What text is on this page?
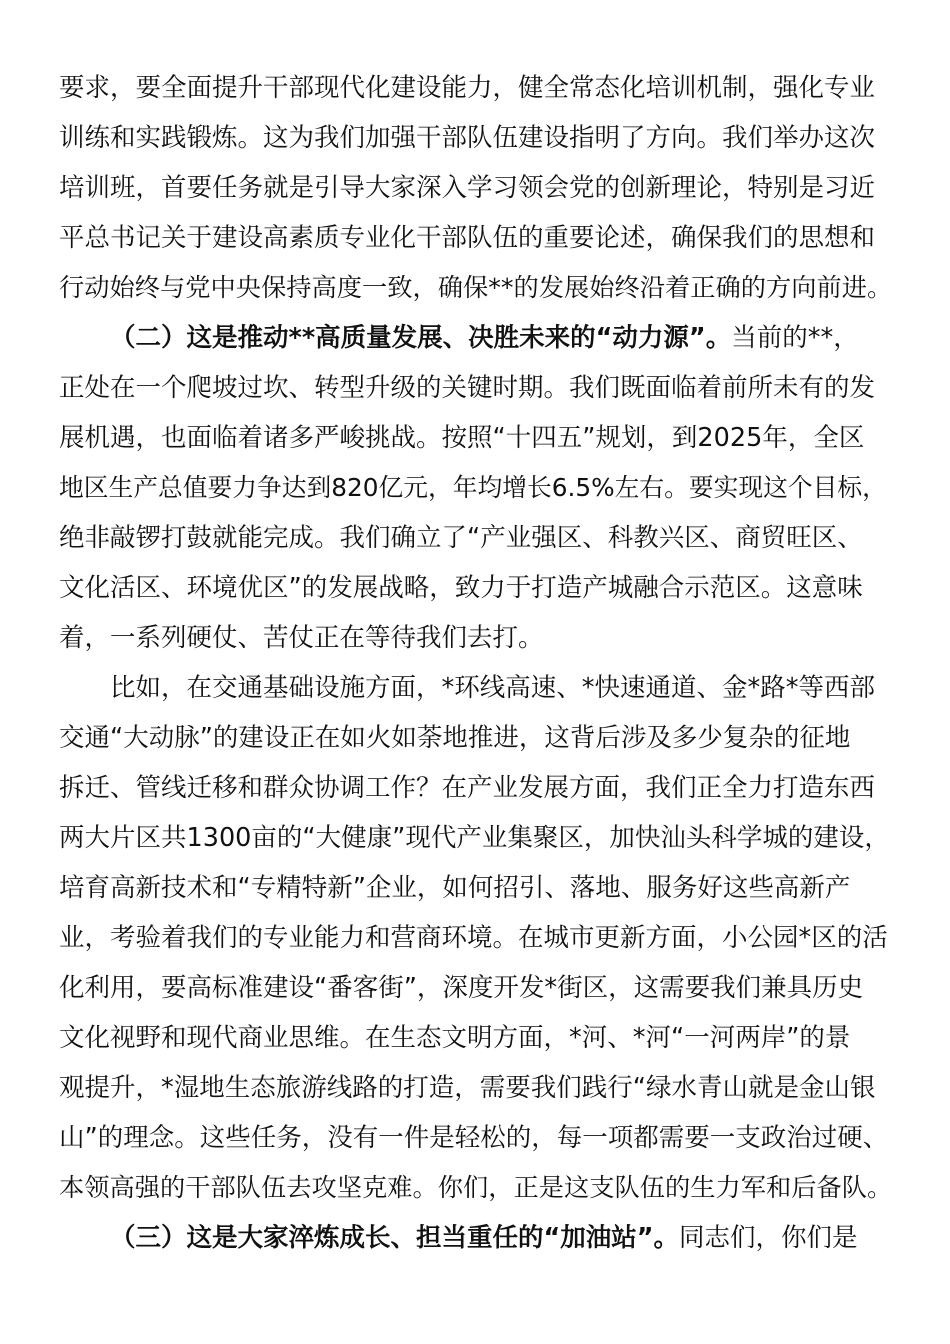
要求，要全面提升干部现代化建设能力，健全常态化培训机制，强化专业
训练和实践锻炼。这为我们加强干部队伍建设指明了方向。我们举办这次
培训班，首要任务就是引导大家深入学习领会党的创新理论，特别是习近
平总书记关于建设高素质专业化干部队伍的重要论述，确保我们的思想和
行动始终与党中央保持高度一致，确保**的发展始终沿着正确的方向前进。
（二）这是推动**高质量发展、决胜未来的“动力源”。当前的**，
正处在一个爬坡过坎、转型升级的关键时期。我们既面临着前所未有的发
展机遇，也面临着诸多严峻挑战。按照“十四五”规划，到2025年，全区
地区生产总值要力争达到820亿元，年均增长6.5%左右。要实现这个目标，
绝非敲锣打鼓就能完成。我们确立了“产业强区、科教兴区、商贸旺区、
文化活区、环境优区”的发展战略，致力于打造产城融合示范区。这意味
着，一系列硬仗、苦仗正在等待我们去打。
比如，在交通基础设施方面，*环线高速、*快速通道、金*路*等西部
交通“大动脉”的建设正在如火如荼地推进，这背后涉及多少复杂的征地
拆迁、管线迁移和群众协调工作？在产业发展方面，我们正全力打造东西
两大片区共1300亩的“大健康”现代产业集聚区，加快汕头科学城的建设，
培育高新技术和“专精特新”企业，如何招引、落地、服务好这些高新产
业，考验着我们的专业能力和营商环境。在城市更新方面，小公园*区的活
化利用，要高标准建设“番客街”，深度开发*街区，这需要我们兼具历史
文化视野和现代商业思维。在生态文明方面，*河、*河“一河两岸”的景
观提升，*湿地生态旅游线路的打造，需要我们践行“绿水青山就是金山银
山”的理念。这些任务，没有一件是轻松的，每一项都需要一支政治过硬、
本领高强的干部队伍去攻坚克难。你们，正是这支队伍的生力军和后备队。
（三）这是大家淬炼成长、担当重任的“加油站”。同志们，你们是
